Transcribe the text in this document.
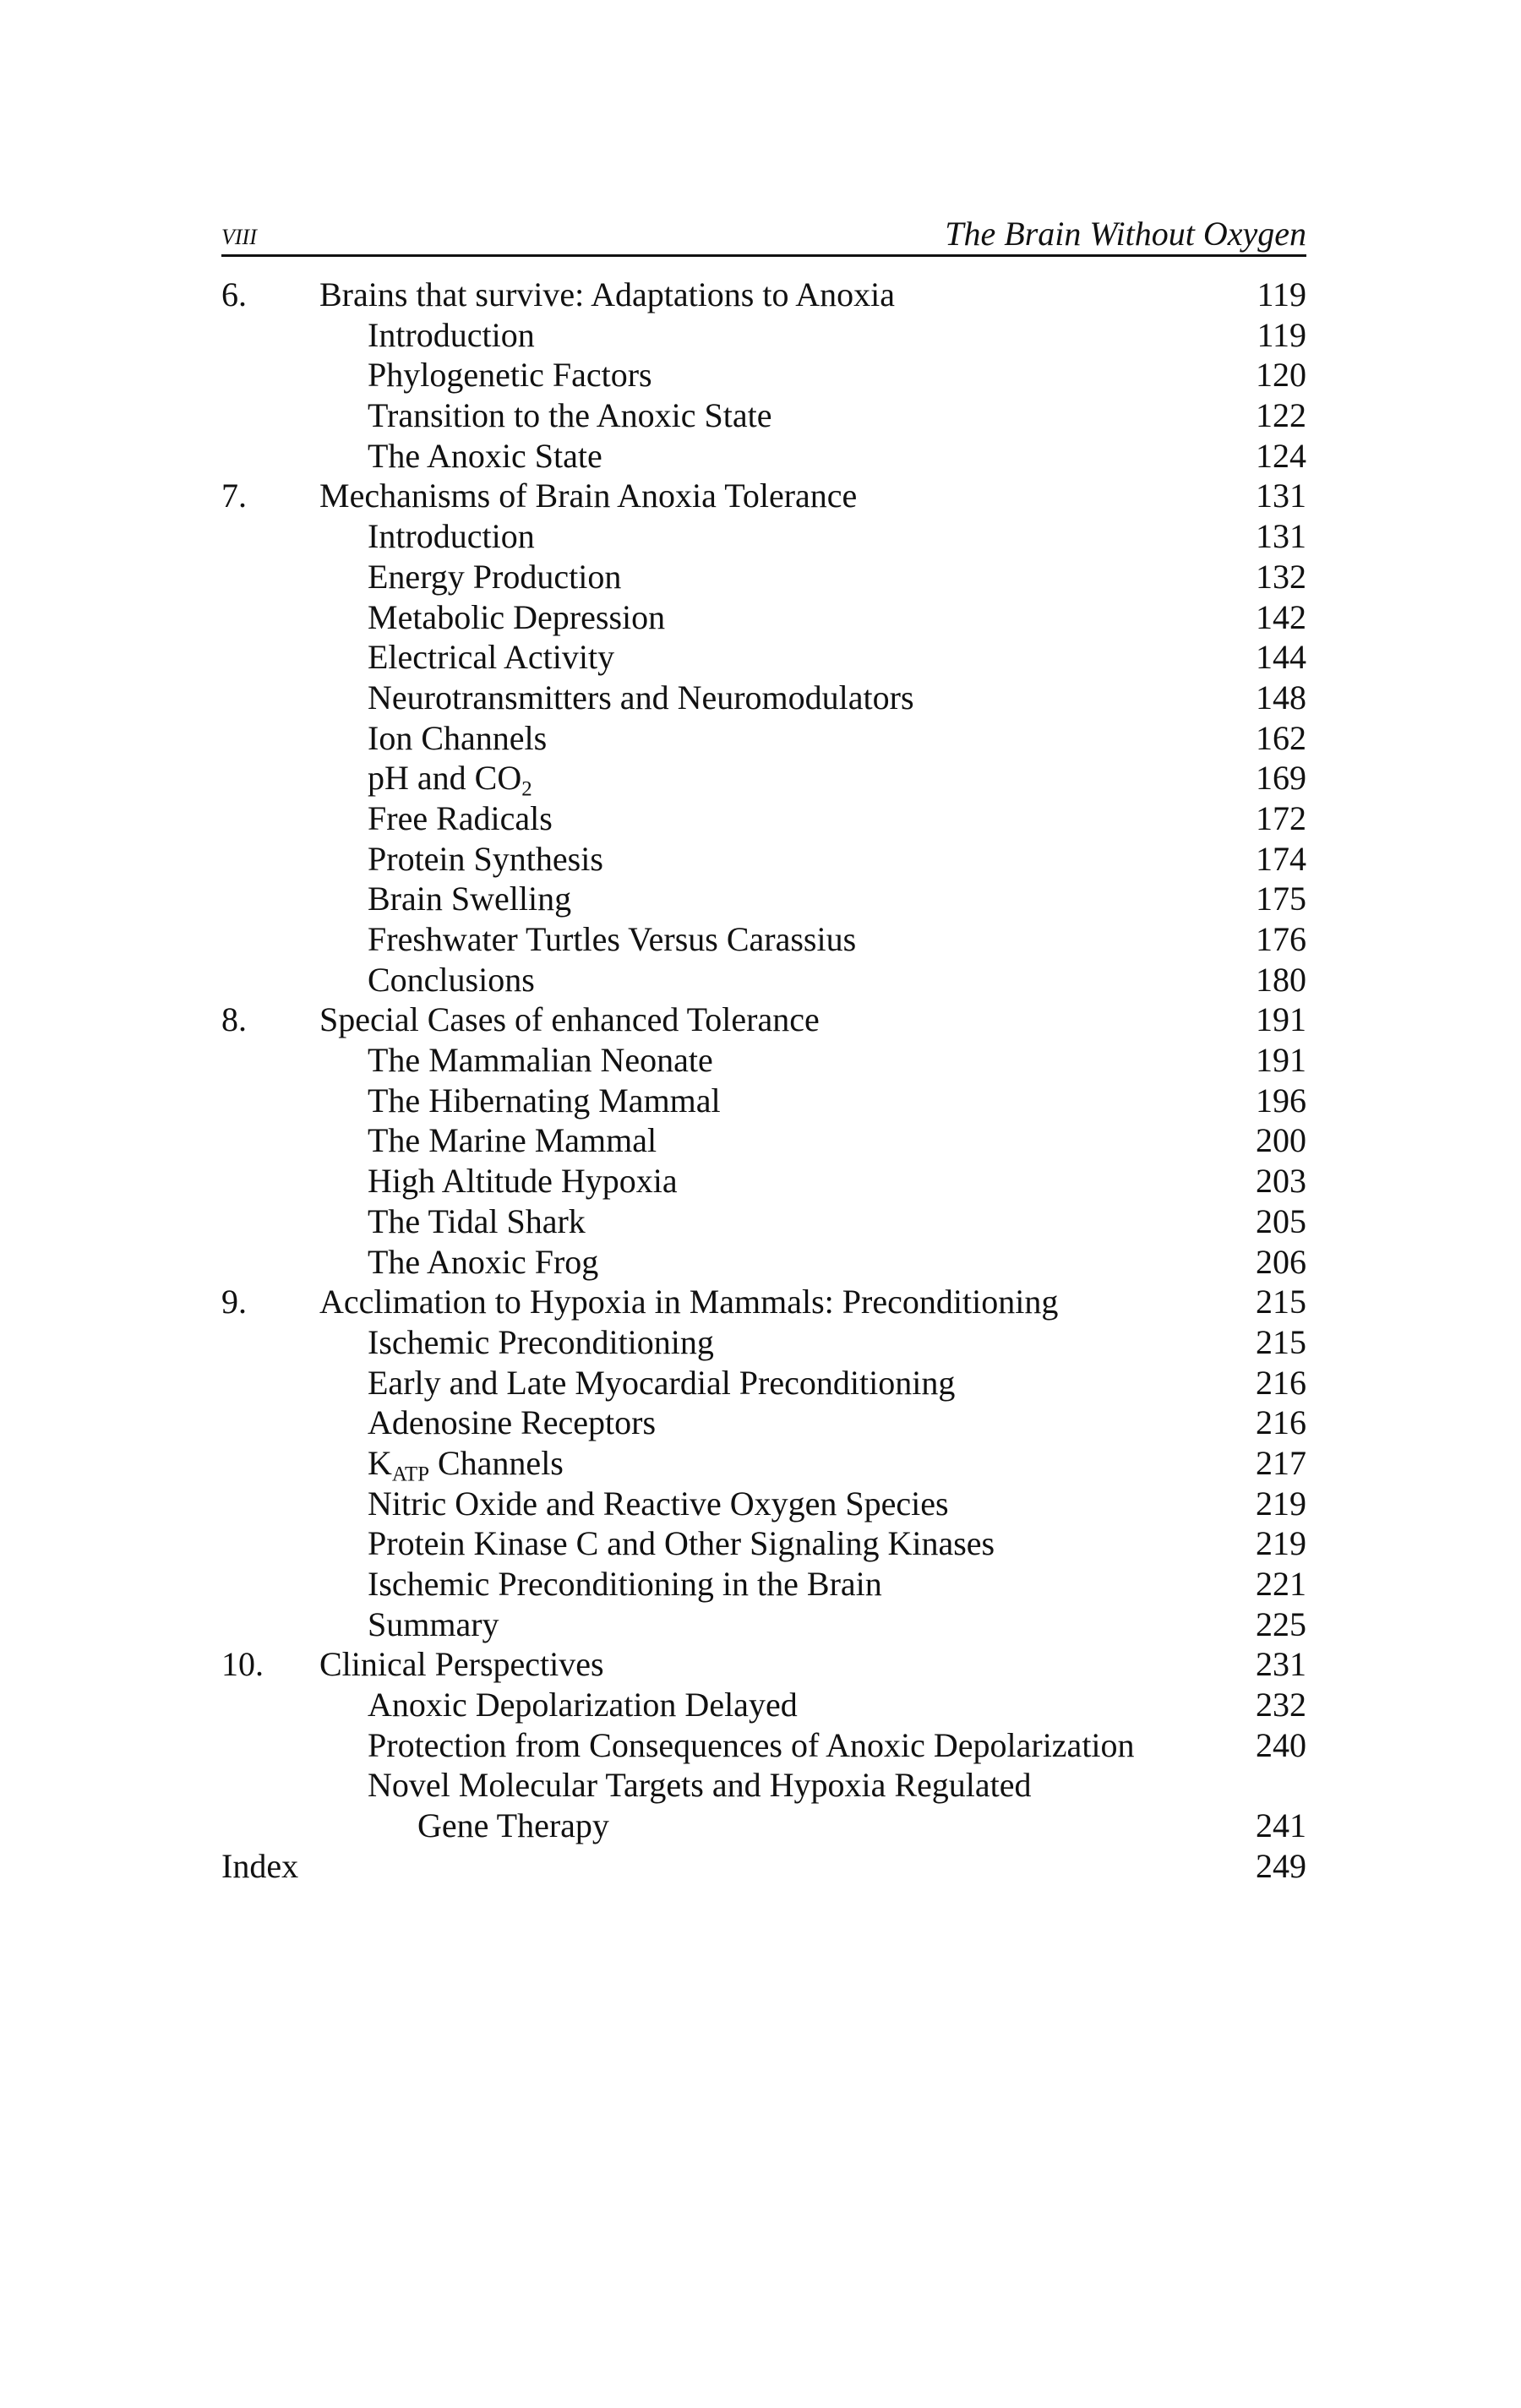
VIII	The Brain Without Oxygen
6. Brains that survive: Adaptations to Anoxia	119
Introduction	119
Phylogenetic Factors	120
Transition to the Anoxic State	122
The Anoxic State	124
7. Mechanisms of Brain Anoxia Tolerance	131
Introduction	131
Energy Production	132
Metabolic Depression	142
Electrical Activity	144
Neurotransmitters and Neuromodulators	148
Ion Channels	162
pH and $CO_2$	169
Free Radicals	172
Protein Synthesis	174
Brain Swelling	175
Freshwater Turtles Versus Carassius	176
Conclusions	180
8. Special Cases of enhanced Tolerance	191
The Mammalian Neonate	191
The Hibernating Mammal	196
The Marine Mammal	200
High Altitude Hypoxia	203
The Tidal Shark	205
The Anoxic Frog	206
9. Acclimation to Hypoxia in Mammals: Preconditioning	215
Ischemic Preconditioning	215
Early and Late Myocardial Preconditioning	216
Adenosine Receptors	216
$K_{ATP}$ Channels	217
Nitric Oxide and Reactive Oxygen Species	219
Protein Kinase C and Other Signaling Kinases	219
Ischemic Preconditioning in the Brain	221
Summary	225
10. Clinical Perspectives	231
Anoxic Depolarization Delayed	232
Protection from Consequences of Anoxic Depolarization	240
Novel Molecular Targets and Hypoxia Regulated
Gene Therapy	241
Index	249
